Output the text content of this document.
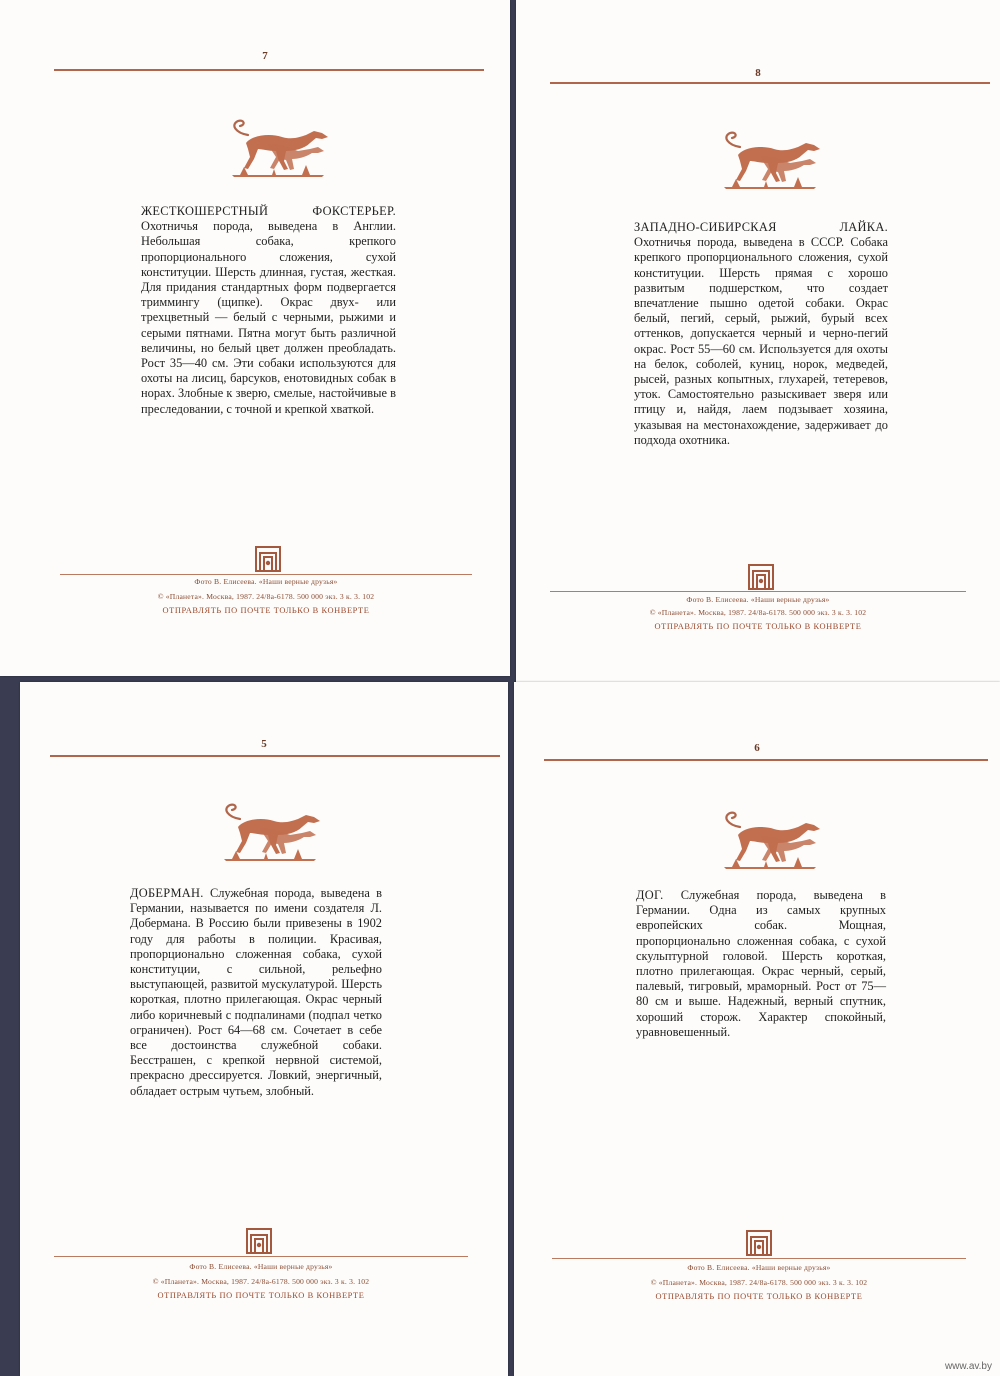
7

ЖЕСТКОШЕРСТНЫЙ ФОКСТЕРЬЕР. Охотничья порода, выведена в Англии. Небольшая собака, крепкого пропорционального сложения, сухой конституции. Шерсть длинная, густая, жесткая. Для придания стандартных форм подвергается триммингу (щипке). Окрас двух- или трехцветный — белый с черными, рыжими и серыми пятнами. Пятна могут быть различной величины, но белый цвет должен преобладать. Рост 35—40 см. Эти собаки используются для охоты на лисиц, барсуков, енотовидных собак в норах. Злобные к зверю, смелые, настойчивые в преследовании, с точной и крепкой хваткой.

Фото В. Елисеева. «Наши верные друзья»
© «Планета». Москва, 1987. 24/8а-6178. 500 000 экз. 3 к. 3. 102
ОТПРАВЛЯТЬ ПО ПОЧТЕ ТОЛЬКО В КОНВЕРТЕ
8

ЗАПАДНО-СИБИРСКАЯ ЛАЙКА. Охотничья порода, выведена в СССР. Собака крепкого пропорционального сложения, сухой конституции. Шерсть прямая с хорошо развитым подшерстком, что создает впечатление пышно одетой собаки. Окрас белый, пегий, серый, рыжий, бурый всех оттенков, допускается черный и черно-пегий окрас. Рост 55—60 см. Используется для охоты на белок, соболей, куниц, норок, медведей, рысей, разных копытных, глухарей, тетеревов, уток. Самостоятельно разыскивает зверя или птицу и, найдя, лаем подзывает хозяина, указывая на местонахождение, задерживает до подхода охотника.

Фото В. Елисеева. «Наши верные друзья»
© «Планета». Москва, 1987. 24/8а-6178. 500 000 экз. 3 к. 3. 102
ОТПРАВЛЯТЬ ПО ПОЧТЕ ТОЛЬКО В КОНВЕРТЕ
5

ДОБЕРМАН. Служебная порода, выведена в Германии, называется по имени создателя Л. Добермана. В Россию были привезены в 1902 году для работы в полиции. Красивая, пропорционально сложенная собака, сухой конституции, с сильной, рельефно выступающей, развитой мускулатурой. Шерсть короткая, плотно прилегающая. Окрас черный либо коричневый с подпалинами (подпал четко ограничен). Рост 64—68 см. Сочетает в себе все достоинства служебной собаки. Бесстрашен, с крепкой нервной системой, прекрасно дрессируется. Ловкий, энергичный, обладает острым чутьем, злобный.

Фото В. Елисеева. «Наши верные друзья»
© «Планета». Москва, 1987. 24/8а-6178. 500 000 экз. 3 к. 3. 102
ОТПРАВЛЯТЬ ПО ПОЧТЕ ТОЛЬКО В КОНВЕРТЕ
6

ДОГ. Служебная порода, выведена в Германии. Одна из самых крупных европейских собак. Мощная, пропорционально сложенная собака, с сухой скульптурной головой. Шерсть короткая, плотно прилегающая. Окрас черный, серый, палевый, тигровый, мраморный. Рост от 75—80 см и выше. Надежный, верный спутник, хороший сторож. Характер спокойный, уравновешенный.

Фото В. Елисеева. «Наши верные друзья»
© «Планета». Москва, 1987. 24/8а-6178. 500 000 экз. 3 к. 3. 102
ОТПРАВЛЯТЬ ПО ПОЧТЕ ТОЛЬКО В КОНВЕРТЕ
www.av.by
